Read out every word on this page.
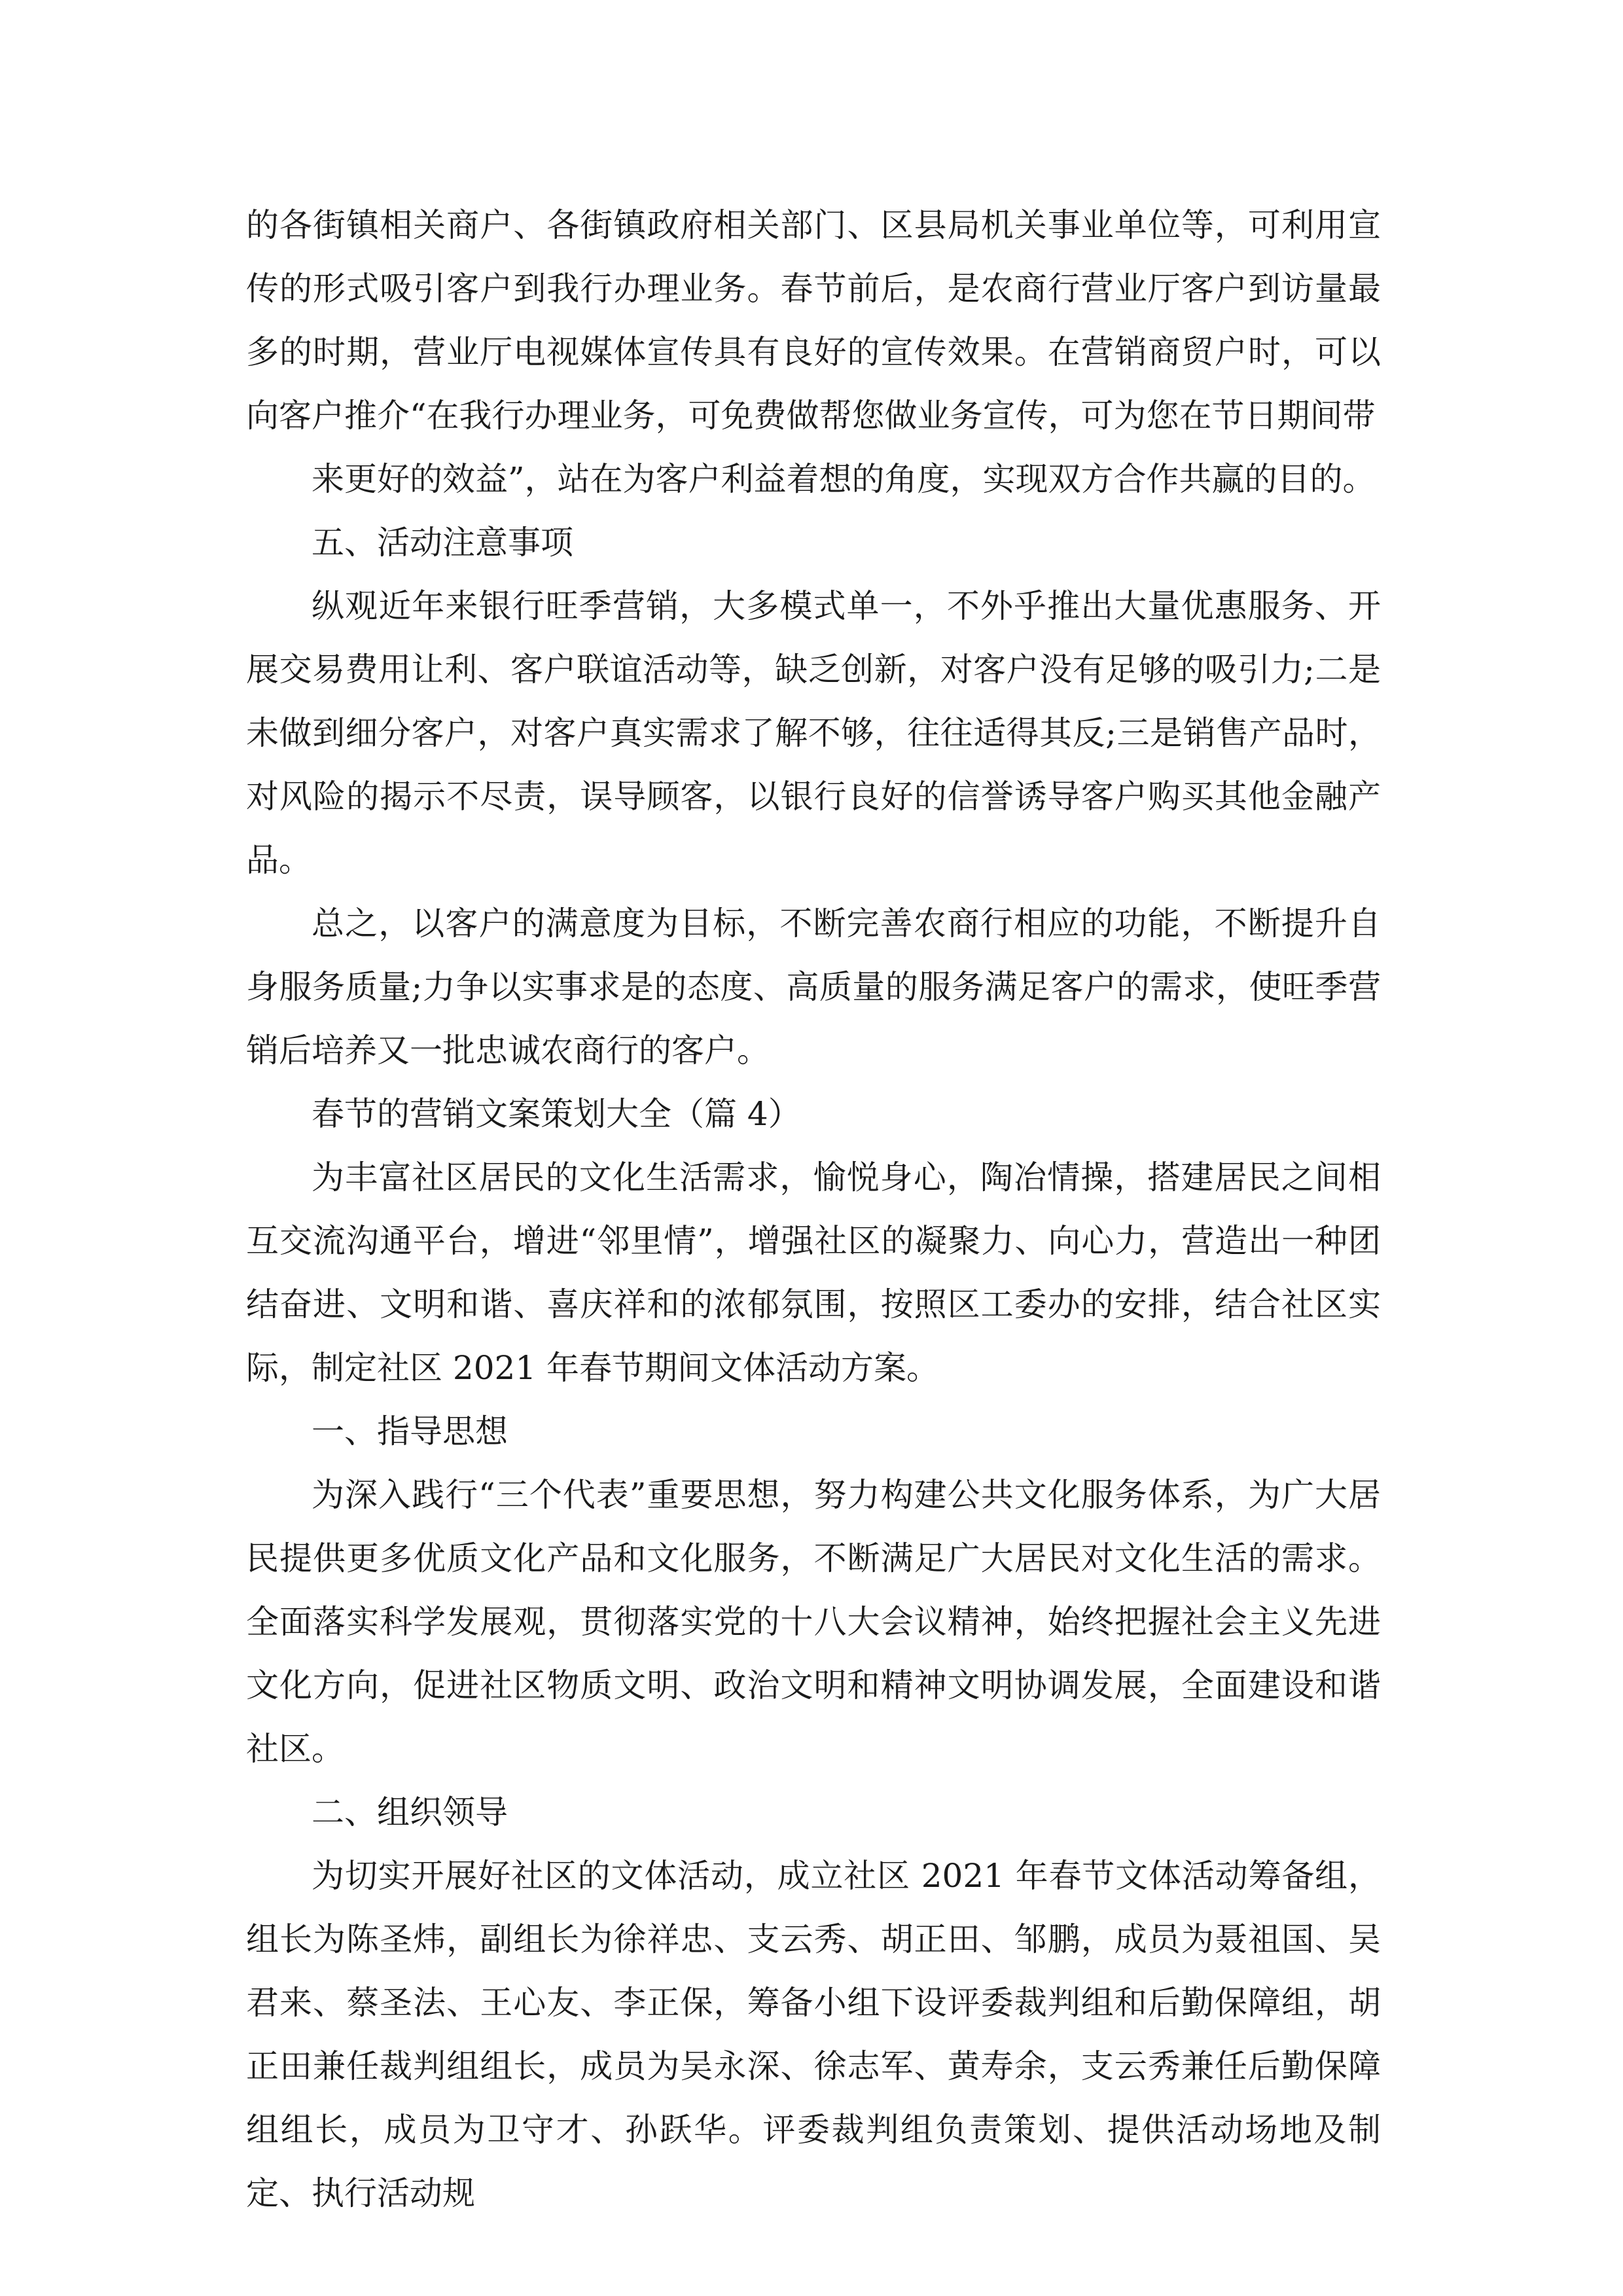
的各街镇相关商户、各街镇政府相关部门、区县局机关事业单位等，可利用宣传的形式吸引客户到我行办理业务。春节前后，是农商行营业厅客户到访量最多的时期，营业厅电视媒体宣传具有良好的宣传效果。在营销商贸户时，可以向客户推介“在我行办理业务，可免费做帮您做业务宣传，可为您在节日期间带

来更好的效益”，站在为客户利益着想的角度，实现双方合作共赢的目的。

五、活动注意事项

纵观近年来银行旺季营销，大多模式单一，不外乎推出大量优惠服务、开展交易费用让利、客户联谊活动等，缺乏创新，对客户没有足够的吸引力;二是未做到细分客户，对客户真实需求了解不够，往往适得其反;三是销售产品时，对风险的揭示不尽责，误导顾客，以银行良好的信誉诱导客户购买其他金融产品。

总之，以客户的满意度为目标，不断完善农商行相应的功能，不断提升自身服务质量;力争以实事求是的态度、高质量的服务满足客户的需求，使旺季营销后培养又一批忠诚农商行的客户。

春节的营销文案策划大全（篇 4）

为丰富社区居民的文化生活需求，愉悦身心，陶冶情操，搭建居民之间相互交流沟通平台，增进“邻里情”，增强社区的凝聚力、向心力，营造出一种团结奋进、文明和谐、喜庆祥和的浓郁氛围，按照区工委办的安排，结合社区实际，制定社区 2021 年春节期间文体活动方案。

一、指导思想

为深入践行“三个代表”重要思想，努力构建公共文化服务体系，为广大居民提供更多优质文化产品和文化服务，不断满足广大居民对文化生活的需求。全面落实科学发展观，贯彻落实党的十八大会议精神，始终把握社会主义先进文化方向，促进社区物质文明、政治文明和精神文明协调发展，全面建设和谐社区。

二、组织领导

为切实开展好社区的文体活动，成立社区 2021 年春节文体活动筹备组，组长为陈圣炜，副组长为徐祥忠、支云秀、胡正田、邹鹏，成员为聂祖国、吴君来、蔡圣法、王心友、李正保，筹备小组下设评委裁判组和后勤保障组，胡正田兼任裁判组组长，成员为吴永深、徐志军、黄寿余，支云秀兼任后勤保障组组长，成员为卫守才、孙跃华。评委裁判组负责策划、提供活动场地及制定、执行活动规
